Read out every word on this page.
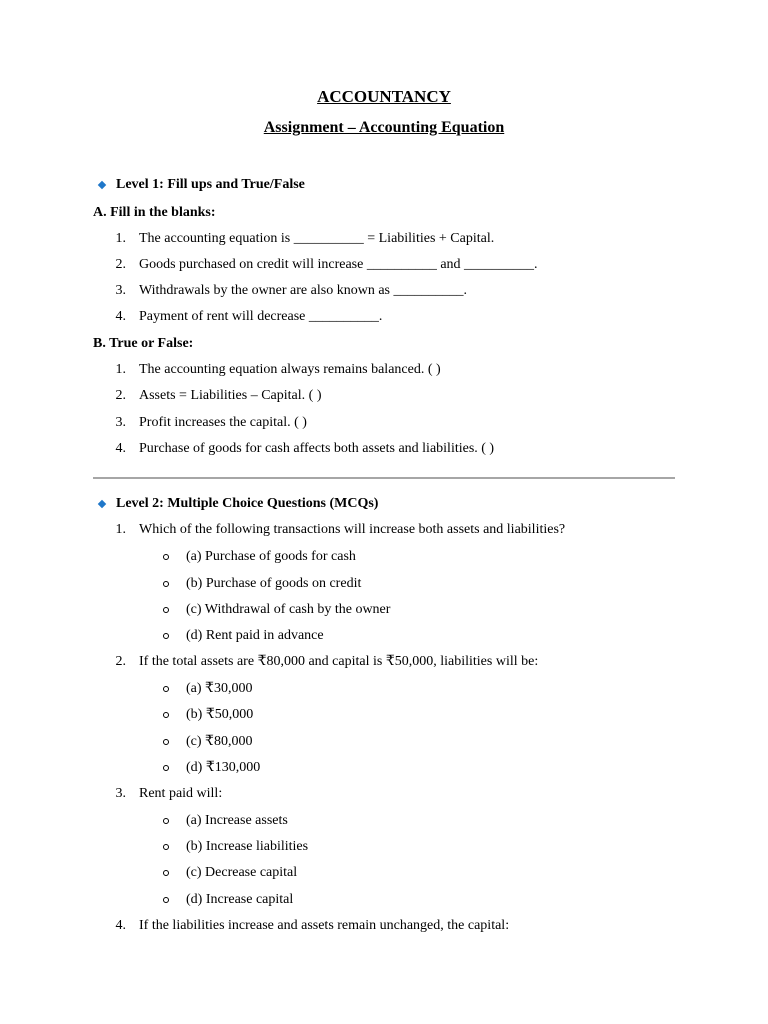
ACCOUNTANCY
Assignment – Accounting Equation
Level 1: Fill ups and True/False
A. Fill in the blanks:
1. The accounting equation is __________ = Liabilities + Capital.
2. Goods purchased on credit will increase __________ and __________.
3. Withdrawals by the owner are also known as __________.
4. Payment of rent will decrease __________.
B. True or False:
1. The accounting equation always remains balanced. ( )
2. Assets = Liabilities – Capital. ( )
3. Profit increases the capital. ( )
4. Purchase of goods for cash affects both assets and liabilities. ( )
Level 2: Multiple Choice Questions (MCQs)
1. Which of the following transactions will increase both assets and liabilities?
(a) Purchase of goods for cash
(b) Purchase of goods on credit
(c) Withdrawal of cash by the owner
(d) Rent paid in advance
2. If the total assets are ₹80,000 and capital is ₹50,000, liabilities will be:
(a) ₹30,000
(b) ₹50,000
(c) ₹80,000
(d) ₹130,000
3. Rent paid will:
(a) Increase assets
(b) Increase liabilities
(c) Decrease capital
(d) Increase capital
4. If the liabilities increase and assets remain unchanged, the capital:
